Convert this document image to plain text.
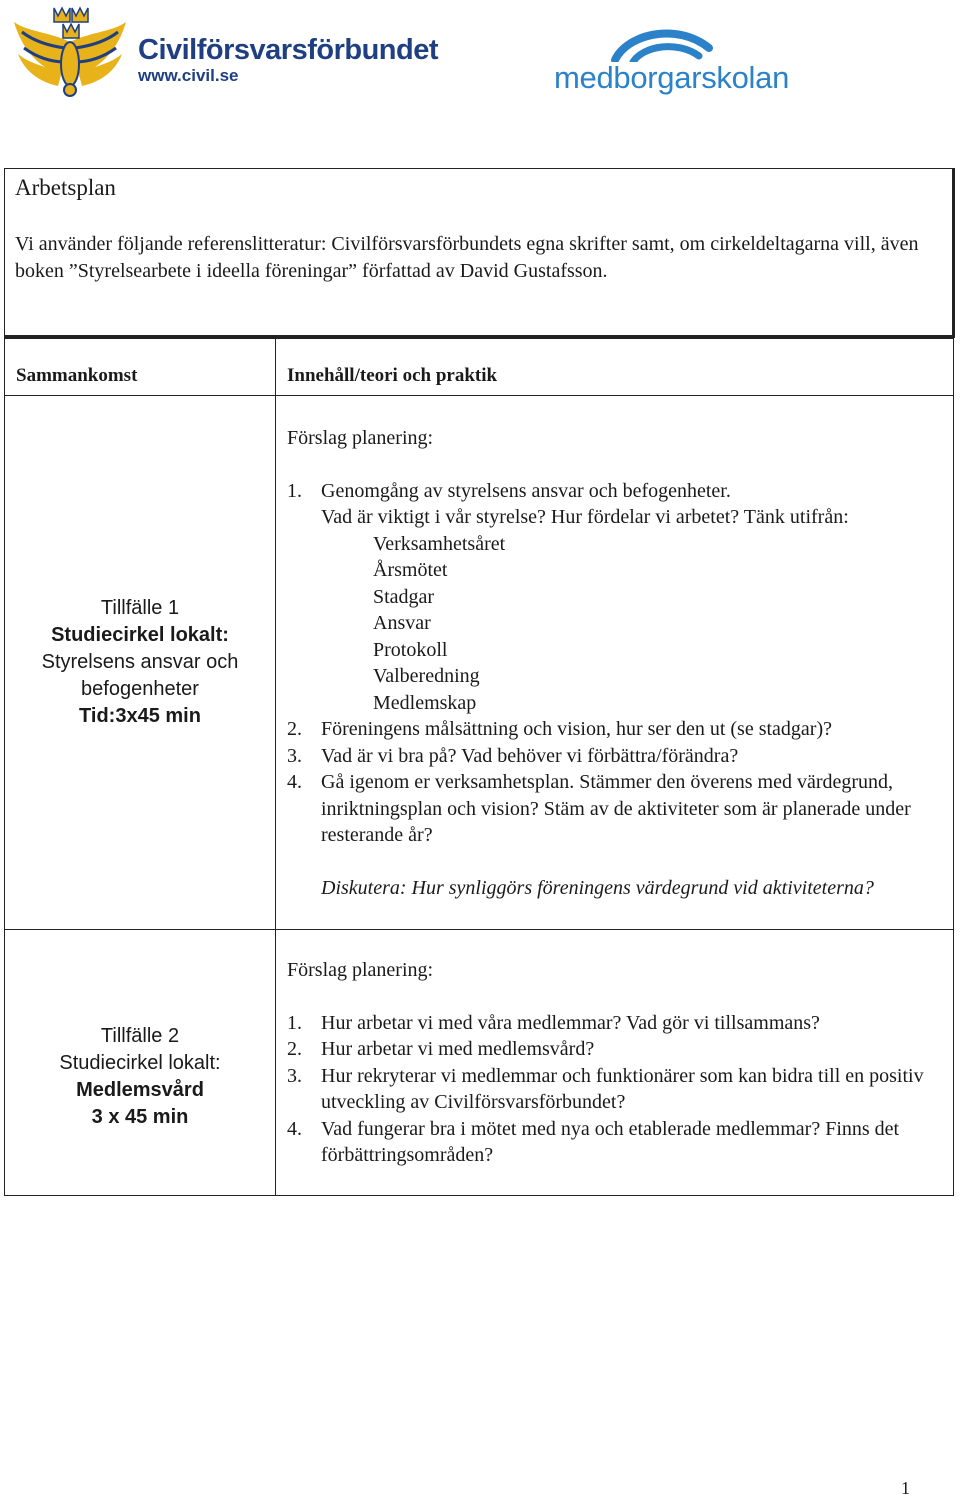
Civilförsvarsförbundet
www.civil.se	medborgarskolan
Arbetsplan
Vi använder följande referenslitteratur: Civilförsvarsförbundets egna skrifter samt, om cirkeldeltagarna vill, även boken ”Styrelsearbete i ideella föreningar” författad av David Gustafsson.
Sammankomst	Innehåll/teori och praktik
Tillfälle 1
Studiecirkel lokalt:
Styrelsens ansvar och
befogenheter
Tid:3x45 min
Förslag planering:
1. Genomgång av styrelsens ansvar och befogenheter.
Vad är viktigt i vår styrelse? Hur fördelar vi arbetet? Tänk utifrån:
Verksamhetsåret
Årsmötet
Stadgar
Ansvar
Protokoll
Valberedning
Medlemskap
2. Föreningens målsättning och vision, hur ser den ut (se stadgar)?
3. Vad är vi bra på? Vad behöver vi förbättra/förändra?
4. Gå igenom er verksamhetsplan. Stämmer den överens med värdegrund, inriktningsplan och vision? Stäm av de aktiviteter som är planerade under resterande år?
Diskutera: Hur synliggörs föreningens värdegrund vid aktiviteterna?
Tillfälle 2
Studiecirkel lokalt:
Medlemsvård
3 x 45 min
Förslag planering:
1. Hur arbetar vi med våra medlemmar? Vad gör vi tillsammans?
2. Hur arbetar vi med medlemsvård?
3. Hur rekryterar vi medlemmar och funktionärer som kan bidra till en positiv utveckling av Civilförsvarsförbundet?
4. Vad fungerar bra i mötet med nya och etablerade medlemmar? Finns det förbättringsområden?
1
